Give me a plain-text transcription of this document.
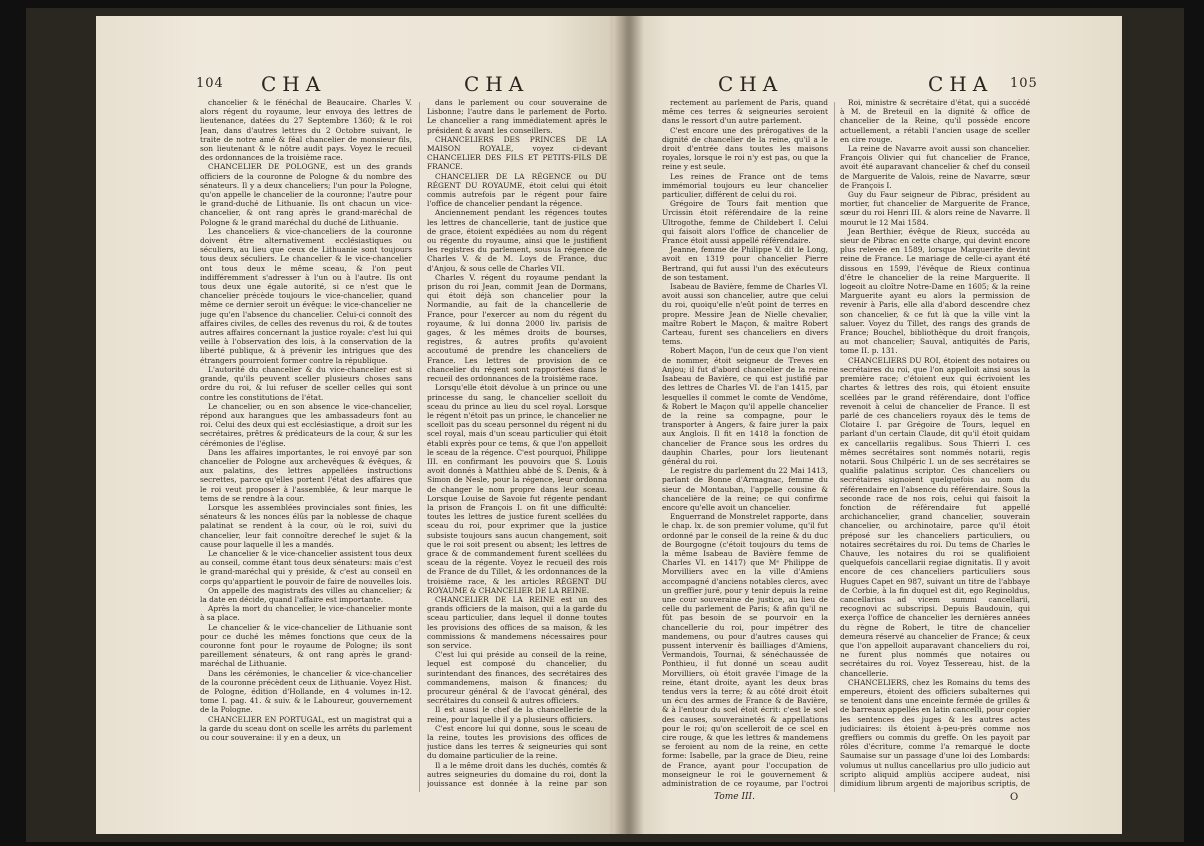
104 CHA	CHA

chancelier & le fénéchal de Beaucaire. Charles V. alors régent du royaume, leur envoya des lettres de lieutenance, datées du 27 Septembre 1360; & le roi Jean, dans d'autres lettres du 2 Octobre suivant, le traite de notre amé & féal chancelier de monsieur fils, son lieutenant & le nôtre audit pays. Voyez le recueil des ordonnances de la troisième race.

CHANCELIER DE POLOGNE, est un des grands officiers de la couronne de Pologne & du nombre des sénateurs. Il y a deux chanceliers; l'un pour la Pologne, qu'on appelle le chancelier de la couronne; l'autre pour le grand-duché de Lithuanie. Ils ont chacun un vice-chancelier, & ont rang après le grand-maréchal de Pologne & le grand maréchal du duché de Lithuanie.

Les chanceliers & vice-chanceliers de la couronne doivent être alternativement ecclésiastiques ou séculiers, au lieu que ceux de Lithuanie sont toujours tous deux séculiers. Le chancelier & le vice-chancelier ont tous deux le même sceau, & l'on peut indifféremment s'adresser à l'un ou à l'autre. Ils ont tous deux une égale autorité, si ce n'est que le chancelier précède toujours le vice-chancelier, quand même ce dernier seroit un évêque: le vice-chancelier ne juge qu'en l'absence du chancelier. Celui-ci connoît des affaires civiles, de celles des revenus du roi, & de toutes autres affaires concernant la justice royale: c'est lui qui veille à l'observation des lois, à la conservation de la liberté publique, & à prévenir les intrigues que des étrangers pourroient former contre la république.

L'autorité du chancelier & du vice-chancelier est si grande, qu'ils peuvent sceller plusieurs choses sans ordre du roi, & lui refuser de sceller celles qui sont contre les constitutions de l'état.

Le chancelier, ou en son absence le vice-chancelier, répond aux harangues que les ambassadeurs font au roi. Celui des deux qui est ecclésiastique, a droit sur les secrétaires, prêtres & prédicateurs de la cour, & sur les cérémonies de l'église.

Dans les affaires importantes, le roi envoyé par son chancelier de Pologne aux archevêques & évêques, & aux palatins, des lettres appellées instructions secrettes, parce qu'elles portent l'état des affaires que le roi veut proposer à l'assemblée, & leur marque le tems de se rendre à la cour.

Lorsque les assemblées provinciales sont finies, les sénateurs & les nonces élûs par la noblesse de chaque palatinat se rendent à la cour, où le roi, suivi du chancelier, leur fait connoître derechef le sujet & la cause pour laquelle il les a mandés.

Le chancelier & le vice-chancelier assistent tous deux au conseil, comme étant tous deux sénateurs: mais c'est le grand-maréchal qui y préside, & c'est au conseil en corps qu'appartient le pouvoir de faire de nouvelles lois.

On appelle des magistrats des villes au chancelier; & la date en décide, quand l'affaire est importante.

Après la mort du chancelier, le vice-chancelier monte à sa place.

Le chancelier & le vice-chancelier de Lithuanie sont pour ce duché les mêmes fonctions que ceux de la couronne font pour le royaume de Pologne; ils sont pareillement sénateurs, & ont rang après le grand-maréchal de Lithuanie.

Dans les cérémonies, le chancelier & vice-chancelier de la couronne précèdent ceux de Lithuanie. Voyez Hist. de Pologne, édition d'Hollande, en 4 volumes in-12. tome I. pag. 41. & suiv. & le Laboureur, gouvernement de la Pologne.

CHANCELIER EN PORTUGAL, est un magistrat qui a la garde du sceau dont on scelle les arrêts du parlement ou cour souveraine: il y en a deux, un

dans le parlement ou cour souveraine de Lisbonne; l'autre dans le parlement de Porto. Le chancelier a rang immédiatement après le président & avant les conseillers.

CHANCELIERS DES PRINCES DE LA MAISON ROYALE, voyez ci-devant CHANCELIER DES FILS ET PETITS-FILS DE FRANCE.

CHANCELIER DE LA RÉGENCE ou DU RÉGENT DU ROYAUME, étoit celui qui étoit commis autrefois par le régent pour faire l'office de chancelier pendant la régence.

Anciennement pendant les régences toutes les lettres de chancellerie, tant de justice que de grace, étoient expédiées au nom du régent ou régente du royaume, ainsi que le justifient les registres du parlement, sous la régence de Charles V. & de M. Loys de France, duc d'Anjou, & sous celle de Charles VII.

Charles V. régent du royaume pendant la prison du roi Jean, commit Jean de Dormans, qui étoit déjà son chancelier pour la Normandie, au fait de la chancellerie de France, pour l'exercer au nom du régent du royaume, & lui donna 2000 liv. parisis de gages, & les mêmes droits de bourses, registres, & autres profits qu'avoient accoutumé de prendre les chanceliers de France. Les lettres de provision de ce chancelier du régent sont rapportées dans le recueil des ordonnances de la troisième race.

Lorsqu'elle étoit dévolue à un prince ou une princesse du sang, le chancelier scelloit du sceau du prince au lieu du scel royal. Lorsque le régent n'étoit pas un prince, le chancelier ne scelloit pas du sceau personnel du régent ni du scel royal, mais d'un sceau particulier qui étoit établi exprès pour ce tems, & que l'on appelloit le sceau de la régence. C'est pourquoi, Philippe III. en confirmant les pouvoirs que S. Louis avoit donnés à Matthieu abbé de S. Denis, & à Simon de Nesle, pour la régence, leur ordonna de changer le nom propre dans leur sceau. Lorsque Louise de Savoie fut régente pendant la prison de François I. on fit une difficulté: toutes les lettres de justice furent scellées du sceau du roi, pour exprimer que la justice subsiste toujours sans aucun changement, soit que le roi soit present ou absent; les lettres de grace & de commandement furent scellées du sceau de la régente. Voyez le recueil des rois de France de du Tillet, & les ordonnances de la troisième race, & les articles RÉGENT DU ROYAUME & CHANCELIER DE LA REINE.

CHANCELIER DE LA REINE est un des grands officiers de la maison, qui a la garde du sceau particulier, dans lequel il donne toutes les provisions des offices de sa maison, & les commissions & mandemens nécessaires pour son service.

C'est lui qui préside au conseil de la reine, lequel est composé du chancelier, du surintendant des finances, des secrétaires des commandemens, maison & finances; du procureur général & de l'avocat général, des secrétaires du conseil & autres officiers.

Il est aussi le chef de la chancellerie de la reine, pour laquelle il y a plusieurs officiers.

C'est encore lui qui donne, sous le sceau de la reine, toutes les provisions des offices de justice dans les terres & seigneuries qui sont du domaine particulier de la reine.

Il a le même droit dans les duchés, comtés & autres seigneuries du domaine du roi, dont la jouissance est donnée à la reine par son

CHA	CHA 105

rectement au parlement de Paris, quand même ces terres & seigneuries seroient dans le ressort d'un autre parlement.

C'est encore une des prérogatives de la dignité de chancelier de la reine, qu'il a le droit d'entrée dans toutes les maisons royales, lorsque le roi n'y est pas, ou que la reine y est seule.

Les reines de France ont de tems immémorial toujours eu leur chancelier particulier, différent de celui du roi.

Grégoire de Tours fait mention que Urcissin étoit référendaire de la reine Ultrogothe, femme de Childebert I. Celui qui faisoit alors l'office de chancelier de France étoit aussi appellé référendaire.

Jeanne, femme de Philippe V. dit le Long, avoit en 1319 pour chancelier Pierre Bertrand, qui fut aussi l'un des exécuteurs de son testament.

Isabeau de Bavière, femme de Charles VI. avoit aussi son chancelier, autre que celui du roi, quoiqu'elle n'eût point de terres en propre. Messire Jean de Nielle chevalier, maître Robert le Maçon, & maître Robert Carteau, furent ses chanceliers en divers tems.

Robert Maçon, l'un de ceux que l'on vient de nommer, étoit seigneur de Treves en Anjou; il fut d'abord chancelier de la reine Isabeau de Bavière, ce qui est justifié par des lettres de Charles VI. de l'an 1415, par lesquelles il commet le comte de Vendôme, & Robert le Maçon qu'il appelle chancelier de la reine sa compagne, pour le transporter à Angers, & faire jurer la paix aux Anglois. Il fit en 1418 la fonction de chancelier de France sous les ordres du dauphin Charles, pour lors lieutenant général du roi.

Le registre du parlement du 22 Mai 1413, parlant de Bonne d'Armagnac, femme du sieur de Montauban, l'appelle cousine & chancelière de la reine; ce qui confirme encore qu'elle avoit un chancelier.

Enguerrand de Monstrelet rapporte, dans le chap. lx. de son premier volume, qu'il fut ordonné par le conseil de la reine & du duc de Bourgogne (c'étoit toujours du tems de la même Isabeau de Bavière femme de Charles VI. en 1417) que Mᵉ Philippe de Morvilliers avec en la ville d'Amiens accompagné d'anciens notables clercs, avec un greffier juré, pour y tenir depuis la reine une cour souveraine de justice, au lieu de celle du parlement de Paris; & afin qu'il ne fût pas besoin de se pourvoir en la chancellerie du roi, pour impétrer des mandemens, ou pour d'autres causes qui pussent intervenir ès bailliages d'Amiens, Vermandois, Tournai, & sénéchaussée de Ponthieu, il fut donné un sceau audit Morvilliers, où étoit gravée l'image de la reine, étant droite, ayant les deux bras tendus vers la terre; & au côté droit étoit un écu des armes de France & de Bavière, & à l'entour du scel étoit écrit: c'est le scel des causes, souverainetés & appellations pour le roi; qu'on scelleroit de ce scel en cire rouge, & que les lettres & mandemens se feroient au nom de la reine, en cette forme: Isabelle, par la grace de Dieu, reine de France, ayant pour l'occupation de monseigneur le roi le gouvernement & administration de ce royaume, par l'octroi

Roi, ministre & secrétaire d'état, qui a succédé à M. de Breteuil en la dignité & office de chancelier de la Reine, qu'il possède encore actuellement, a rétabli l'ancien usage de sceller en cire rouge.

La reine de Navarre avoit aussi son chancelier. François Olivier qui fut chancelier de France, avoit été auparavant chancelier & chef du conseil de Marguerite de Valois, reine de Navarre, sœur de François I.

Guy du Faur seigneur de Pibrac, président au mortier, fut chancelier de Marguerite de France, sœur du roi Henri III. & alors reine de Navarre. Il mourut le 12 Mai 1584.

Jean Berthier, évêque de Rieux, succéda au sieur de Pibrac en cette charge, qui devint encore plus relevée en 1589, lorsque Marguerite devint reine de France. Le mariage de celle-ci ayant été dissous en 1599, l'évêque de Rieux continua d'être le chancelier de la reine Marguerite. Il logeoit au cloître Notre-Dame en 1605; & la reine Marguerite ayant eu alors la permission de revenir à Paris, elle alla d'abord descendre chez son chancelier, & ce fut là que la ville vint la saluer. Voyez du Tillet, des rangs des grands de France; Bouchel, bibliothèque du droit françois, au mot chancelier; Sauval, antiquités de Paris, tome II. p. 131.

CHANCELIERS DU ROI, étoient des notaires ou secrétaires du roi, que l'on appelloit ainsi sous la première race; c'étoient eux qui écrivoient les chartes & lettres des rois, qui étoient ensuite scellées par le grand référendaire, dont l'office revenoit à celui de chancelier de France. Il est parlé de ces chanceliers royaux dès le tems de Clotaire I. par Grégoire de Tours, lequel en parlant d'un certain Claude, dit qu'il étoit quidam ex cancellariis regalibus. Sous Thierri I. ces mêmes secrétaires sont nommés notarii, regis notarii. Sous Chilpéric I. un de ses secrétaires se qualifie palatinus scriptor. Ces chanceliers ou secrétaires signoient quelquefois au nom du référendaire en l'absence du référendaire. Sous la seconde race de nos rois, celui qui faisoit la fonction de référendaire fut appellé archichancelier, grand chancelier, souverain chancelier, ou archinotaire, parce qu'il étoit préposé sur les chanceliers particuliers, ou notaires secrétaires du roi. Du tems de Charles le Chauve, les notaires du roi se qualifioient quelquefois cancellarii regiae dignitatis. Il y avoit encore de ces chanceliers particuliers sous Hugues Capet en 987, suivant un titre de l'abbaye de Corbie, à la fin duquel est dit, ego Reginoldus, cancellarius ad vicem summi cancellarii, recognovi ac subscripsi. Depuis Baudouin, qui exerça l'office de chancelier les dernières années du règne de Robert, le titre de chancelier demeura réservé au chancelier de France; & ceux que l'on appelloit auparavant chanceliers du roi, ne furent plus nommés que notaires ou secrétaires du roi. Voyez Tessereau, hist. de la chancellerie.

CHANCELIERS, chez les Romains du tems des empereurs, étoient des officiers subalternes qui se tenoient dans une enceinte fermée de grilles & de barreaux appellés en latin cancelli, pour copier les sentences des juges & les autres actes judiciaires: ils étoient à-peu-près comme nos greffiers ou commis du greffe. On les payoit par rôles d'écriture, comme l'a remarqué le docte Saumaise sur un passage d'une loi des Lombards: volumus ut nullus cancellarius pro ullo judicio aut scripto aliquid ampliùs accipere audeat, nisi dimidium librum argenti de majoribus scriptis, de

Tome III.	O
